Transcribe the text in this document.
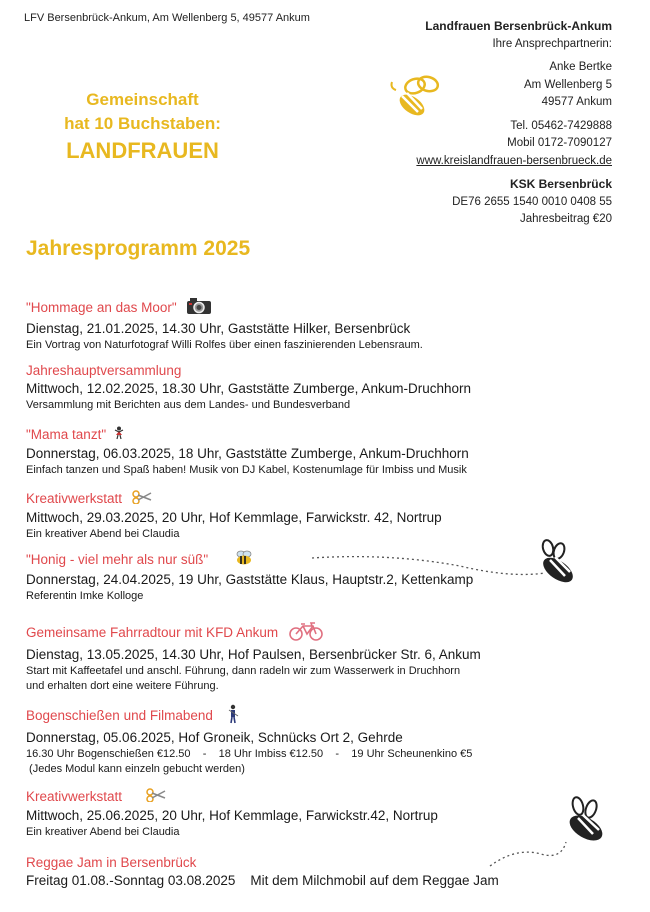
LFV Bersenbrück-Ankum, Am Wellenberg 5, 49577 Ankum
Landfrauen Bersenbrück-Ankum
Ihre Ansprechpartnerin:
Anke Bertke
Am Wellenberg 5
49577 Ankum
Tel. 05462-7429888
Mobil 0172-7090127
www.kreislandfrauen-bersenbrueck.de
KSK Bersenbrück
DE76 2655 1540 0010 0408 55
Jahresbeitrag €20
Gemeinschaft
hat 10 Buchstaben:
LANDFRAUEN
Jahresprogramm 2025
"Hommage an das Moor"
Dienstag, 21.01.2025, 14.30 Uhr, Gaststätte Hilker, Bersenbrück
Ein Vortrag von Naturfotograf Willi Rolfes über einen faszinierenden Lebensraum.
Jahreshauptversammlung
Mittwoch, 12.02.2025, 18.30 Uhr, Gaststätte Zumberge, Ankum-Druchhorn
Versammlung mit Berichten aus dem Landes- und Bundesverband
"Mama tanzt"
Donnerstag, 06.03.2025, 18 Uhr, Gaststätte Zumberge, Ankum-Druchhorn
Einfach tanzen und Spaß haben! Musik von DJ Kabel, Kostenumlage für Imbiss und Musik
Kreativwerkstatt
Mittwoch, 29.03.2025, 20 Uhr, Hof Kemmlage, Farwickstr. 42, Nortrup
Ein kreativer Abend bei Claudia
"Honig - viel mehr als nur süß"
Donnerstag, 24.04.2025, 19 Uhr, Gaststätte Klaus, Hauptstr.2, Kettenkamp
Referentin Imke Kolloge
Gemeinsame Fahrradtour mit KFD Ankum
Dienstag, 13.05.2025, 14.30 Uhr, Hof Paulsen, Bersenbrücker Str. 6, Ankum
Start mit Kaffeetafel und anschl. Führung, dann radeln wir zum Wasserwerk in Druchhorn
und erhalten dort eine weitere Führung.
Bogenschießen und Filmabend
Donnerstag, 05.06.2025, Hof Groneik, Schnücks Ort 2, Gehrde
16.30 Uhr Bogenschießen €12.50    -    18 Uhr Imbiss €12.50    -    19 Uhr Scheunenkino €5
(Jedes Modul kann einzeln gebucht werden)
Kreativwerkstatt
Mittwoch, 25.06.2025, 20 Uhr, Hof Kemmlage, Farwickstr.42, Nortrup
Ein kreativer Abend bei Claudia
Reggae Jam in Bersenbrück
Freitag 01.08.-Sonntag 03.08.2025    Mit dem Milchmobil auf dem Reggae Jam
